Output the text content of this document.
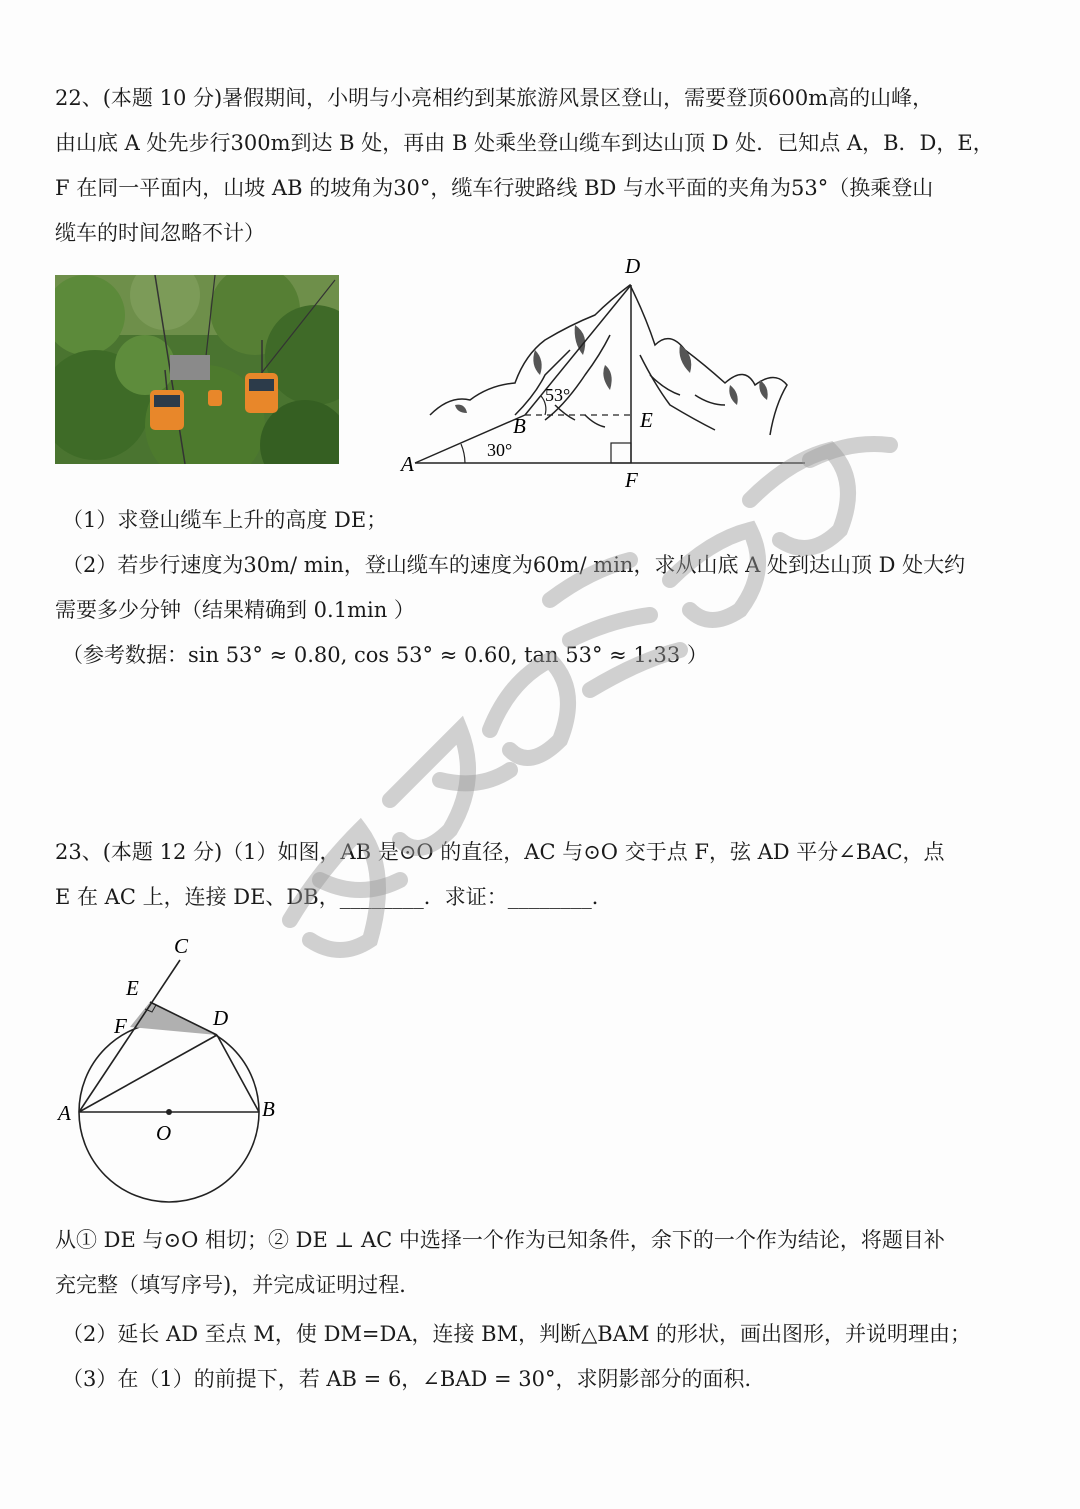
22、(本题 10 分)暑假期间，小明与小亮相约到某旅游风景区登山，需要登顶600m高的山峰，
由山底 A 处先步行300m到达 B 处，再由 B 处乘坐登山缆车到达山顶 D 处．已知点 A，B．D，E，
F 在同一平面内，山坡 AB 的坡角为30°，缆车行驶路线 BD 与水平面的夹角为53°（换乘登山
缆车的时间忽略不计）
D
E
F
A
B
53°
30°
（1）求登山缆车上升的高度 DE；
（2）若步行速度为30m/ min，登山缆车的速度为60m/ min，求从山底 A 处到达山顶 D 处大约
需要多少分钟（结果精确到 0.1min ）
（参考数据：sin 53° ≈ 0.80, cos 53° ≈ 0.60, tan 53° ≈ 1.33 ）
23、(本题 12 分)（1）如图，AB 是⊙O 的直径，AC 与⊙O 交于点 F，弦 AD 平分∠BAC，点
E 在 AC 上，连接 DE、DB，________．求证：________．
C
E
F	D
A	B
O
从① DE 与⊙O 相切；② DE ⊥ AC 中选择一个作为已知条件，余下的一个作为结论，将题目补
充完整（填写序号)，并完成证明过程．
（2）延长 AD 至点 M，使 DM=DA，连接 BM，判断△BAM 的形状，画出图形，并说明理由；
（3）在（1）的前提下，若 AB = 6，∠BAD = 30°，求阴影部分的面积．
